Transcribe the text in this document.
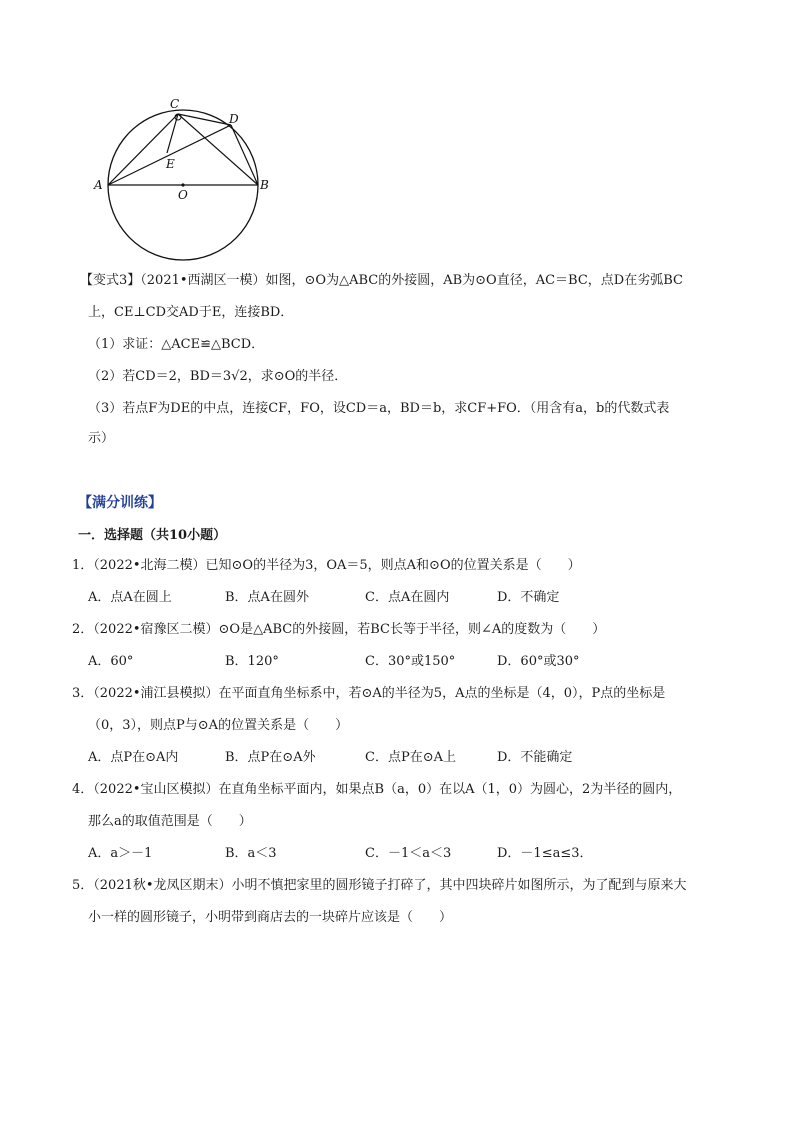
C
D
E
A	B
O
【变式3】（2021•西湖区一模）如图，⊙O为△ABC的外接圆，AB为⊙O直径，AC＝BC，点D在劣弧BC
上，CE⊥CD交AD于E，连接BD．
（1）求证：△ACE≌△BCD．
（2）若CD＝2，BD＝3√2，求⊙O的半径．
（3）若点F为DE的中点，连接CF，FO，设CD＝a，BD＝b，求CF+FO．（用含有a，b的代数式表
示）
【满分训练】
一．选择题（共10小题）
1．（2022•北海二模）已知⊙O的半径为3，OA＝5，则点A和⊙O的位置关系是（　　）
A．点A在圆上	B．点A在圆外	C．点A在圆内	D．不确定
2．（2022•宿豫区二模）⊙O是△ABC的外接圆，若BC长等于半径，则∠A的度数为（　　）
A．60°	B．120°	C．30°或150°	D．60°或30°
3．（2022•浦江县模拟）在平面直角坐标系中，若⊙A的半径为5，A点的坐标是（4，0），P点的坐标是
（0，3），则点P与⊙A的位置关系是（　　）
A．点P在⊙A内	B．点P在⊙A外	C．点P在⊙A上	D．不能确定
4．（2022•宝山区模拟）在直角坐标平面内，如果点B（a，0）在以A（1，0）为圆心，2为半径的圆内，
那么a的取值范围是（　　）
A．a＞－1	B．a＜3	C．－1＜a＜3	D．－1≤a≤3．
5．（2021秋•龙凤区期末）小明不慎把家里的圆形镜子打碎了，其中四块碎片如图所示，为了配到与原来大
小一样的圆形镜子，小明带到商店去的一块碎片应该是（　　）
